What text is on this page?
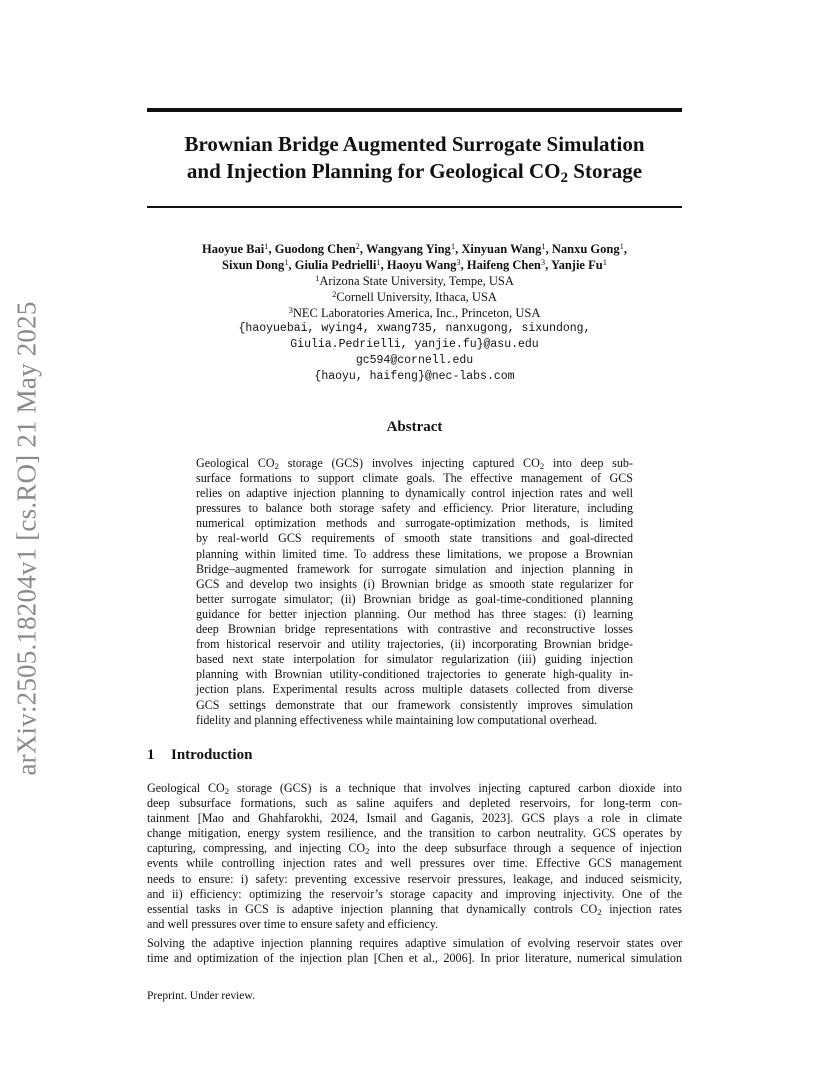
arXiv:2505.18204v1 [cs.RO] 21 May 2025
Brownian Bridge Augmented Surrogate Simulation
and Injection Planning for Geological $CO_2$ Storage
Haoyue Bai$^1$, Guodong Chen$^2$, Wangyang Ying$^1$, Xinyuan Wang$^1$, Nanxu Gong$^1$,
Sixun Dong$^1$, Giulia Pedrielli$^1$, Haoyu Wang$^3$, Haifeng Chen$^3$, Yanjie Fu$^1$
$^1$Arizona State University, Tempe, USA
$^2$Cornell University, Ithaca, USA
$^3$NEC Laboratories America, Inc., Princeton, USA
{haoyuebai, wying4, xwang735, nanxugong, sixundong,
Giulia.Pedrielli, yanjie.fu}@asu.edu
gc594@cornell.edu
{haoyu, haifeng}@nec-labs.com
Abstract
Geological $CO_2$ storage (GCS) involves injecting captured $CO_2$ into deep sub-
surface formations to support climate goals. The effective management of GCS
relies on adaptive injection planning to dynamically control injection rates and well
pressures to balance both storage safety and efficiency. Prior literature, including
numerical optimization methods and surrogate-optimization methods, is limited
by real-world GCS requirements of smooth state transitions and goal-directed
planning within limited time. To address these limitations, we propose a Brownian
Bridge–augmented framework for surrogate simulation and injection planning in
GCS and develop two insights (i) Brownian bridge as smooth state regularizer for
better surrogate simulator; (ii) Brownian bridge as goal-time-conditioned planning
guidance for better injection planning. Our method has three stages: (i) learning
deep Brownian bridge representations with contrastive and reconstructive losses
from historical reservoir and utility trajectories, (ii) incorporating Brownian bridge-
based next state interpolation for simulator regularization (iii) guiding injection
planning with Brownian utility-conditioned trajectories to generate high-quality in-
jection plans. Experimental results across multiple datasets collected from diverse
GCS settings demonstrate that our framework consistently improves simulation
fidelity and planning effectiveness while maintaining low computational overhead.
1 Introduction
Geological $CO_2$ storage (GCS) is a technique that involves injecting captured carbon dioxide into
deep subsurface formations, such as saline aquifers and depleted reservoirs, for long-term con-
tainment [Mao and Ghahfarokhi, 2024, Ismail and Gaganis, 2023]. GCS plays a role in climate
change mitigation, energy system resilience, and the transition to carbon neutrality. GCS operates by
capturing, compressing, and injecting $CO_2$ into the deep subsurface through a sequence of injection
events while controlling injection rates and well pressures over time. Effective GCS management
needs to ensure: i) safety: preventing excessive reservoir pressures, leakage, and induced seismicity,
and ii) efficiency: optimizing the reservoir’s storage capacity and improving injectivity. One of the
essential tasks in GCS is adaptive injection planning that dynamically controls $CO_2$ injection rates
and well pressures over time to ensure safety and efficiency.
Solving the adaptive injection planning requires adaptive simulation of evolving reservoir states over
time and optimization of the injection plan [Chen et al., 2006]. In prior literature, numerical simulation
Preprint. Under review.
